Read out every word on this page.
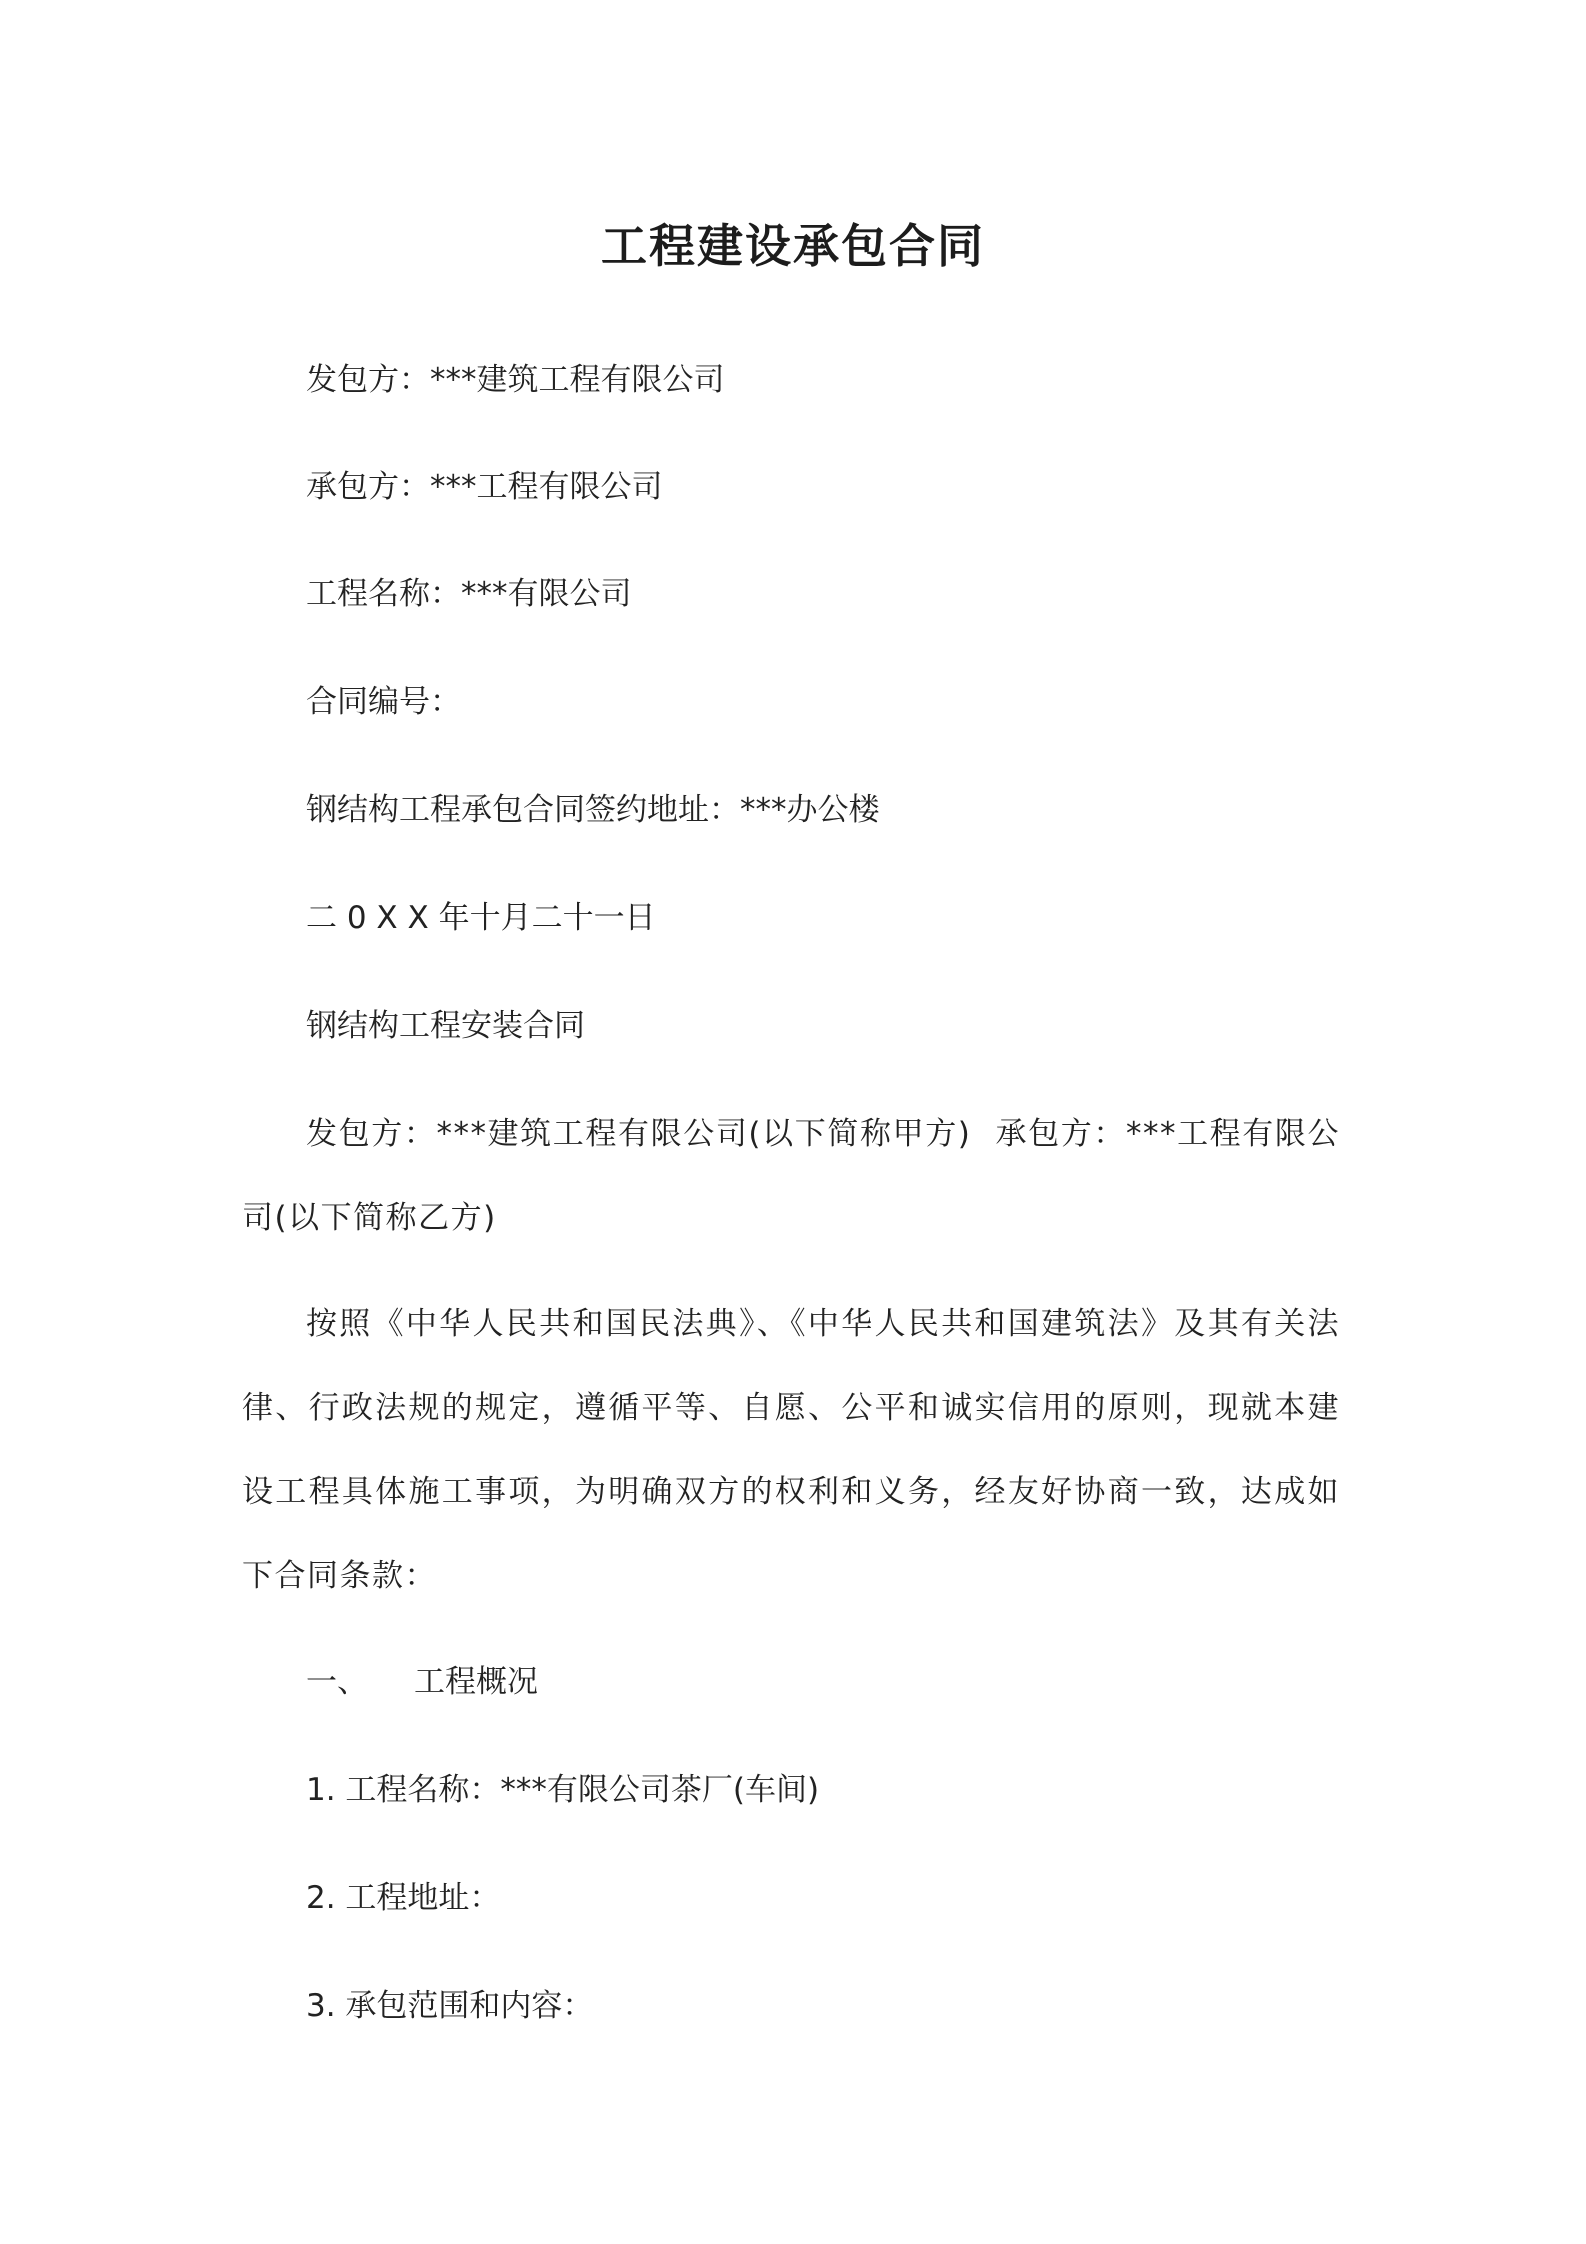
工程建设承包合同
发包方：***建筑工程有限公司
承包方：***工程有限公司
工程名称：***有限公司
合同编号：
钢结构工程承包合同签约地址：***办公楼
二 0 X X 年十月二十一日
钢结构工程安装合同
发包方：***建筑工程有限公司(以下简称甲方) 承包方：***工程有限公司(以下简称乙方)
按照《中华人民共和国民法典》、《中华人民共和国建筑法》及其有关法律、行政法规的规定，遵循平等、自愿、公平和诚实信用的原则，现就本建设工程具体施工事项，为明确双方的权利和义务，经友好协商一致，达成如下合同条款：
一、 工程概况
1. 工程名称：***有限公司茶厂(车间)
2. 工程地址：
3. 承包范围和内容：
